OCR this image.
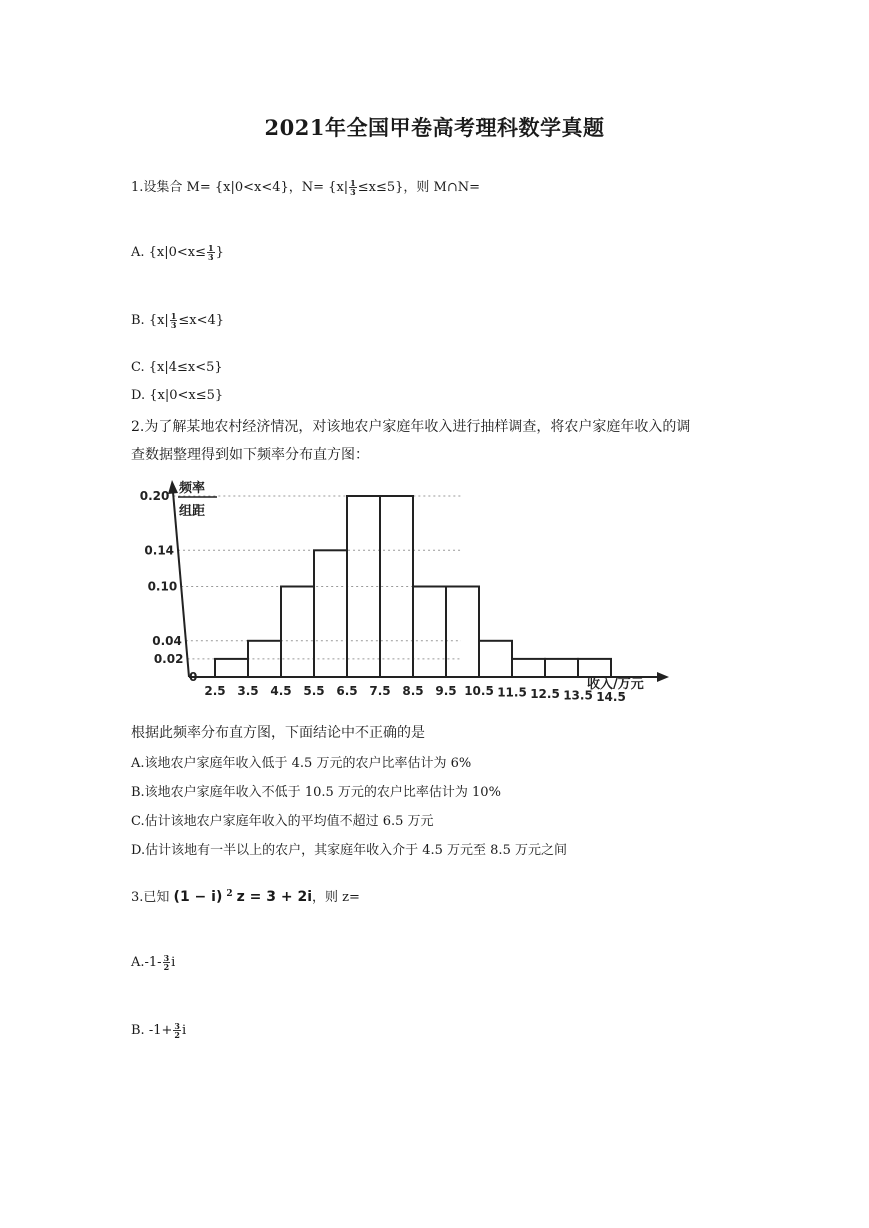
2021年全国甲卷高考理科数学真题
1.设集合 M= {x|0<x<4}，$N= \{x| \frac{1}{3} \le x\le 5\}$，则 M∩N=
A. {$x|0<x\le \frac{1}{3}$ }
B. $\{x| \frac{1}{3} \le x<4\}$
C. {x|4≤x<5}
D. {x|0<x≤5}
2.为了解某地农村经济情况，对该地农户家庭年收入进行抽样调查，将农户家庭年收入的调
查数据整理得到如下频率分布直方图：
频率
组距
0	收入/万元
0.02
0.04
0.10
0.14
0.20
2.5 3.5 4.5 5.5 6.5 7.5 8.5 9.5 10.5 11.5 12.5 13.5 14.5
根据此频率分布直方图，下面结论中不正确的是
A.该地农户家庭年收入低于 4.5 万元的农户比率估计为 6%
B.该地农户家庭年收入不低于 10.5 万元的农户比率估计为 10%
C.估计该地农户家庭年收入的平均值不超过 6.5 万元
D.估计该地有一半以上的农户，其家庭年收入介于 4.5 万元至 8.5 万元之间
3.已知 (1 − i) $^2$ z = 3 + 2i，则 z=
$A.-1- \frac{3}{2}$ i
B. $-1+ \frac{3}{2}$ i
